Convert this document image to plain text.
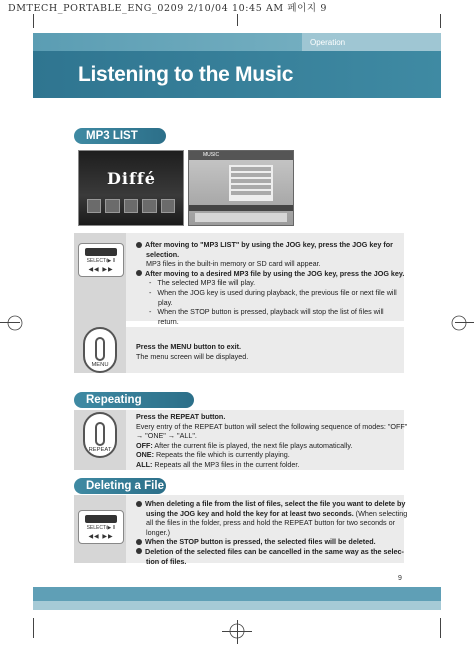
DMTECH_PORTABLE_ENG_0209 2/10/04 10:45 AM 페이지 9
Operation
Listening to the Music
MP3 LIST
Diffé
MUSIC
SELECT/▶ II
◀◀ ▶▶
After moving to "MP3 LIST" by using the JOG key, press the JOG key for
selection.
MP3 files in the built-in memory or SD card will appear.
After moving to a desired MP3 file by using the JOG key, press the JOG key.
-   The selected MP3 file will play.
-   When the JOG key is used during playback, the previous file or next file will
play.
-   When the STOP button is pressed, playback will stop the list of files will return.
MENU
Press the MENU button to exit.
The menu screen will be displayed.
Repeating
REPEAT
Press the REPEAT button.
Every entry of the REPEAT button will select the following sequence of modes: "OFF"
→ "ONE" → "ALL".
OFF: After the current file is played, the next file plays automatically.
ONE: Repeats the file which is currently playing.
ALL: Repeats all the MP3 files in the current folder.
Deleting a File
SELECT/▶ II
◀◀ ▶▶
When deleting a file from the list of files, select the file you want to delete by
using the JOG key and hold the key for at least two seconds. (When selecting
all the files in the folder, press and hold the REPEAT button for two seconds or
longer.)
When the STOP button is pressed, the selected files will be deleted.
Deletion of the selected files can be cancelled in the same way as the selec-
tion of files.
9
